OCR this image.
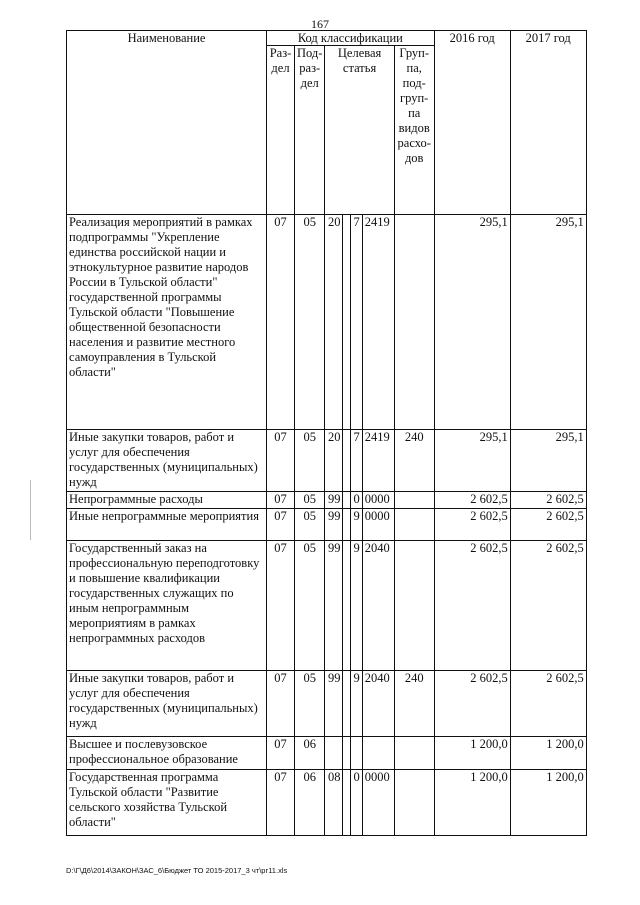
167
Наименование	Код классификации							2016 год	2017 год
	Раз-дел	Под-раз-дел	Целевая статья				Груп-па, под-груп-па видов расхо-дов		
Реализация мероприятий в рамках подпрограммы "Укрепление единства российской нации и этнокультурное развитие народов России в Тульской области" государственной программы Тульской области "Повышение общественной безопасности населения и развитие местного самоуправления в Тульской области"	07	05	20		7	2419		295,1	295,1
Иные закупки товаров, работ и услуг для обеспечения государственных (муниципальных) нужд	07	05	20		7	2419	240	295,1	295,1
Непрограммные расходы	07	05	99		0	0000		2 602,5	2 602,5
Иные непрограммные мероприятия	07	05	99		9	0000		2 602,5	2 602,5
Государственный заказ на профессиональную переподготовку и повышение квалификации государственных служащих по иным непрограммным мероприятиям в рамках непрограммных расходов	07	05	99		9	2040		2 602,5	2 602,5
Иные закупки товаров, работ и услуг для обеспечения государственных (муниципальных) нужд	07	05	99		9	2040	240	2 602,5	2 602,5
Высшее и послевузовское профессиональное образование	07	06						1 200,0	1 200,0
Государственная программа Тульской области "Развитие сельского хозяйства Тульской области"	07	06	08		0	0000		1 200,0	1 200,0
D:\Г\Д6\2014\ЗАКОН\ЗАС_6\Бюджет ТО 2015-2017_3 чт\рг11.xls
